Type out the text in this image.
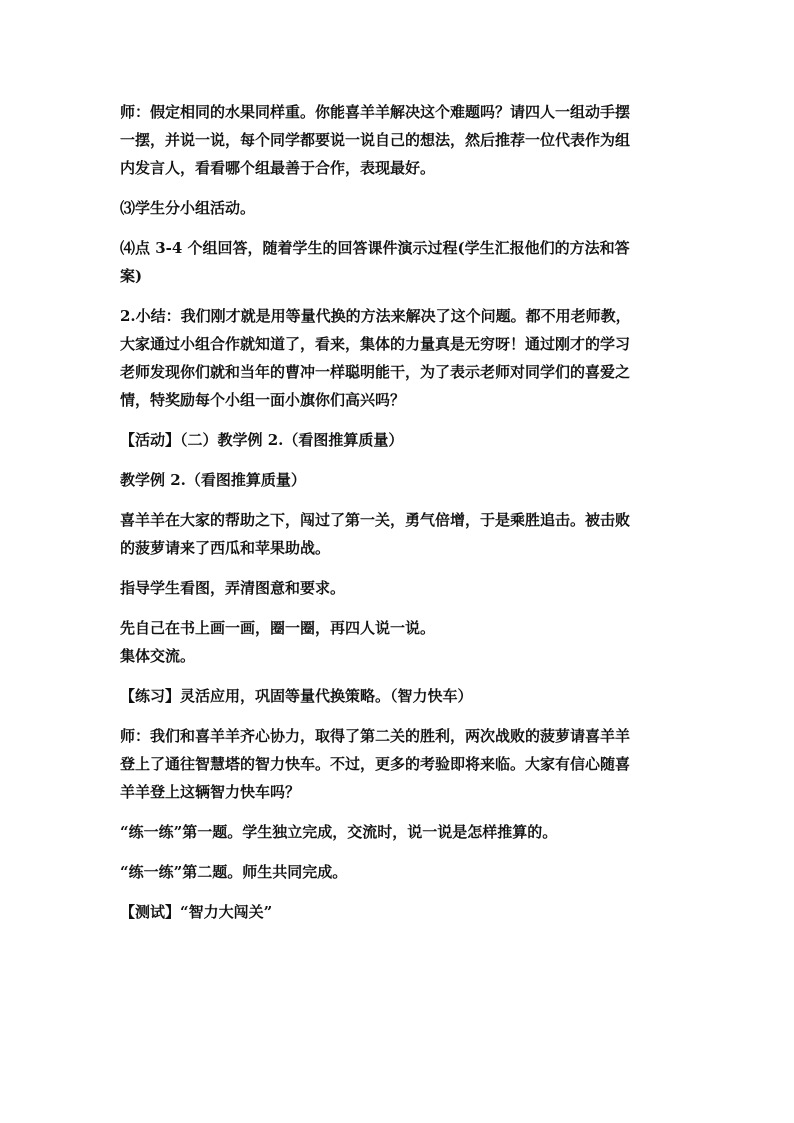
师：假定相同的水果同样重。你能喜羊羊解决这个难题吗？请四人一组动手摆

一摆，并说一说，每个同学都要说一说自己的想法，然后推荐一位代表作为组

内发言人，看看哪个组最善于合作，表现最好。

⑶学生分小组活动。

⑷点 3-4 个组回答，随着学生的回答课件演示过程(学生汇报他们的方法和答

案)

2.小结：我们刚才就是用等量代换的方法来解决了这个问题。都不用老师教，

大家通过小组合作就知道了，看来，集体的力量真是无穷呀！通过刚才的学习

老师发现你们就和当年的曹冲一样聪明能干，为了表示老师对同学们的喜爱之

情，特奖励每个小组一面小旗你们高兴吗？

【活动】（二）教学例 2.（看图推算质量）

教学例 2.（看图推算质量）

喜羊羊在大家的帮助之下，闯过了第一关，勇气倍增，于是乘胜追击。被击败

的菠萝请来了西瓜和苹果助战。

指导学生看图，弄清图意和要求。

先自己在书上画一画，圈一圈，再四人说一说。

集体交流。

【练习】灵活应用，巩固等量代换策略。（智力快车）

师：我们和喜羊羊齐心协力，取得了第二关的胜利，两次战败的菠萝请喜羊羊

登上了通往智慧塔的智力快车。不过，更多的考验即将来临。大家有信心随喜

羊羊登上这辆智力快车吗？

“练一练”第一题。学生独立完成，交流时，说一说是怎样推算的。

“练一练”第二题。师生共同完成。

【测试】“智力大闯关”
